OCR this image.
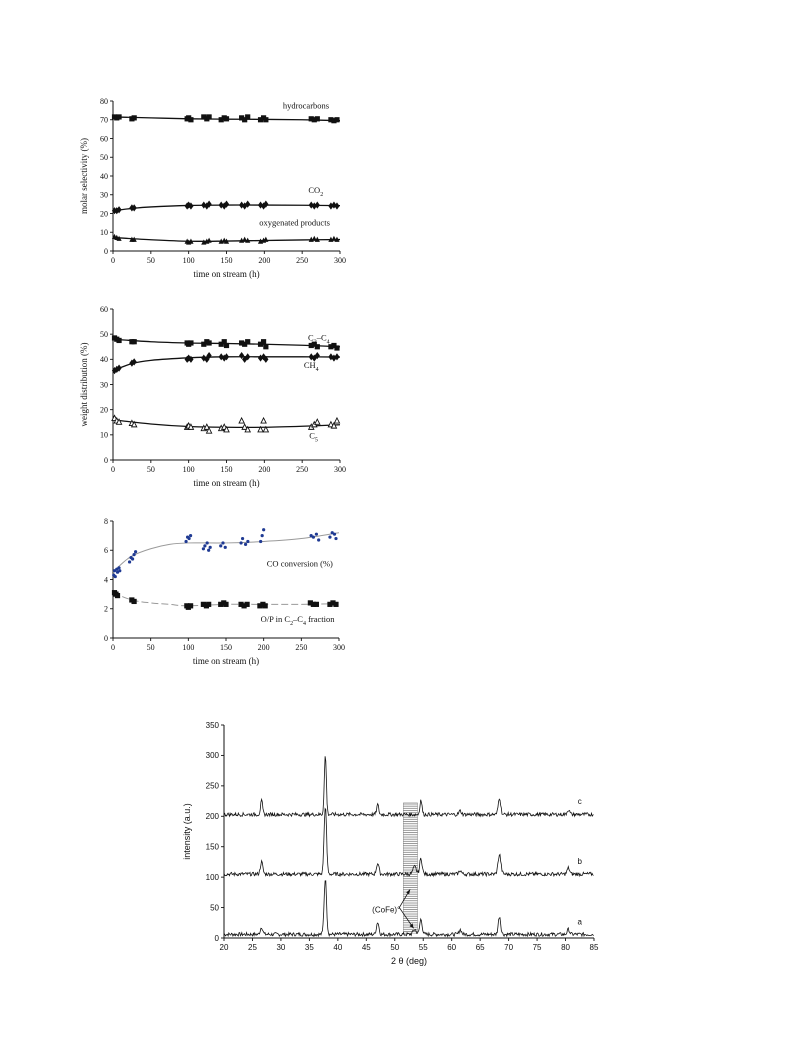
0	50	100	150	200	250	300
0
10
20
30
40
50
60
70
80
time on stream (h)
molar selectivity (%)
hydrocarbons
$CO_2$
oxygenated products
0	50	100	150	200	250	300
0
10
20
30
40
50
60
time on stream (h)
weight distribution (%)
$C_2-C_4$
$CH_4$
$C_5$
0	50	100	150	200	250	300
0
2
4
6
8
time on stream (h)
CO conversion (%)
O/P in $C_2-C_4$ fraction
20 25 30 35 40 45 50 55 60 65 70 75 80 85
0
50
100
150
200
250
300
350
2 θ (deg)
intensity (a.u.)
c
b
a
(CoFe)°
